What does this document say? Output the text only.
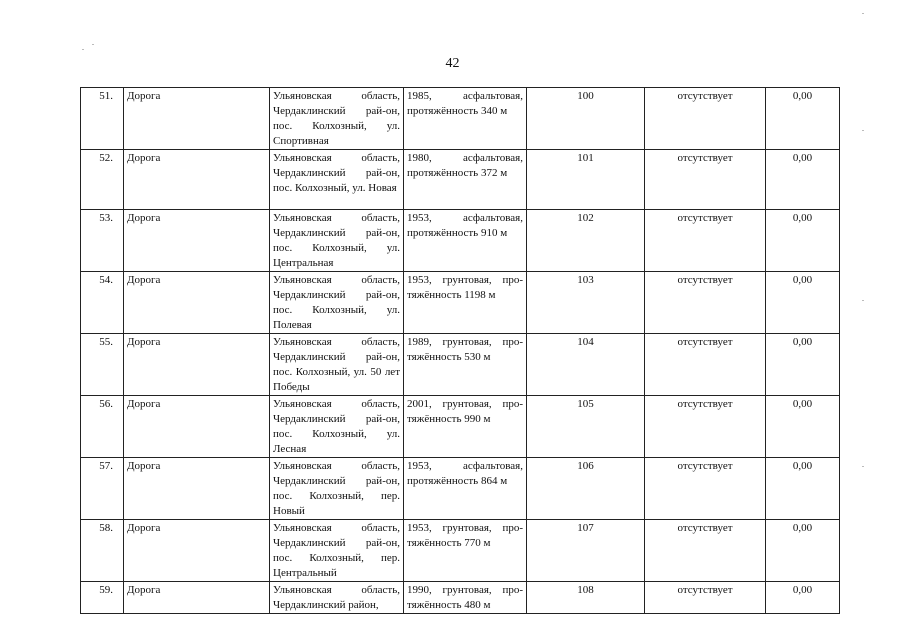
42
51.	Дорога	Ульяновская область, Чердаклинский рай-он, пос. Колхозный, ул. Спортивная	1985, асфальтовая, протяжённость 340 м	100	отсутствует	0,00
52.	Дорога	Ульяновская область, Чердаклинский рай-он, пос. Колхозный, ул. Новая	1980, асфальтовая, протяжённость 372 м	101	отсутствует	0,00
53.	Дорога	Ульяновская область, Чердаклинский рай-он, пос. Колхозный, ул. Центральная	1953, асфальтовая, протяжённость 910 м	102	отсутствует	0,00
54.	Дорога	Ульяновская область, Чердаклинский рай-он, пос. Колхозный, ул. Полевая	1953, грунтовая, про-тяжённость 1198 м	103	отсутствует	0,00
55.	Дорога	Ульяновская область, Чердаклинский рай-он, пос. Колхозный, ул. 50 лет Победы	1989, грунтовая, про-тяжённость 530 м	104	отсутствует	0,00
56.	Дорога	Ульяновская область, Чердаклинский рай-он, пос. Колхозный, ул. Лесная	2001, грунтовая, про-тяжённость 990 м	105	отсутствует	0,00
57.	Дорога	Ульяновская область, Чердаклинский рай-он, пос. Колхозный, пер. Новый	1953, асфальтовая, протяжённость 864 м	106	отсутствует	0,00
58.	Дорога	Ульяновская область, Чердаклинский рай-он, пос. Колхозный, пер. Центральный	1953, грунтовая, про-тяжённость 770 м	107	отсутствует	0,00
59.	Дорога	Ульяновская область, Чердаклинский район,	1990, грунтовая, про-тяжённость 480 м	108	отсутствует	0,00
